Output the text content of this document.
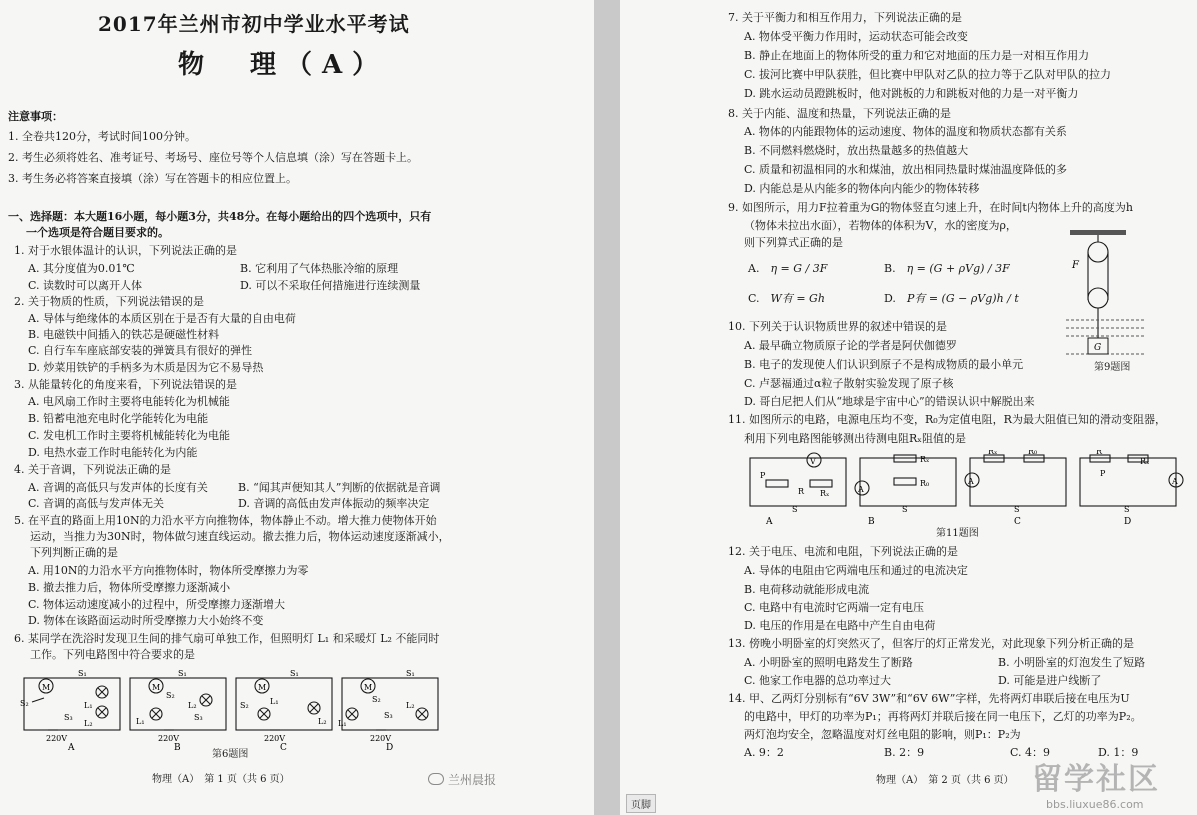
2017年兰州市初中学业水平考试
物　理（A）
注意事项：
1. 全卷共120分，考试时间100分钟。
2. 考生必须将姓名、准考证号、考场号、座位号等个人信息填（涂）写在答题卡上。
3. 考生务必将答案直接填（涂）写在答题卡的相应位置上。
一、选择题：本大题16小题，每小题3分，共48分。在每小题给出的四个选项中，只有
一个选项是符合题目要求的。
1. 对于水银体温计的认识，下列说法正确的是
A. 其分度值为0.01℃	B. 它利用了气体热胀冷缩的原理
C. 读数时可以离开人体	D. 可以不采取任何措施进行连续测量
2. 关于物质的性质，下列说法错误的是
A. 导体与绝缘体的本质区别在于是否有大量的自由电荷
B. 电磁铁中间插入的铁芯是硬磁性材料
C. 自行车车座底部安装的弹簧具有很好的弹性
D. 炒菜用铁铲的手柄多为木质是因为它不易导热
3. 从能量转化的角度来看，下列说法错误的是
A. 电风扇工作时主要将电能转化为机械能
B. 铅蓄电池充电时化学能转化为电能
C. 发电机工作时主要将机械能转化为电能
D. 电热水壶工作时电能转化为内能
4. 关于音调，下列说法正确的是
A. 音调的高低只与发声体的长度有关	B. “闻其声便知其人”判断的依据就是音调
C. 音调的高低与发声体无关	D. 音调的高低由发声体振动的频率决定
5. 在平直的路面上用10N的力沿水平方向推物体，物体静止不动。增大推力使物体开始
运动，当推力为30N时，物体做匀速直线运动。撤去推力后，物体运动速度逐渐减小，
下列判断正确的是
A. 用10N的力沿水平方向推物体时，物体所受摩擦力为零
B. 撤去推力后，物体所受摩擦力逐渐减小
C. 物体运动速度减小的过程中，所受摩擦力逐渐增大
D. 物体在该路面运动时所受摩擦力大小始终不变
6. 某同学在洗浴时发现卫生间的排气扇可单独工作，但照明灯 L₁ 和采暖灯 L₂ 不能同时
工作。下列电路图中符合要求的是
M
S₂
S₁
S₃
L₁
L₂
220V
A
M
S₁
S₂
S₃
L₂
L₁
220V
B
M
S₁
S₂	L₁
L₂
220V
C
M
S₁
S₂
S₃
L₁
L₂
220V
D
第6题图
物理（A）　第 1 页（共 6 页）	兰州晨报
7. 关于平衡力和相互作用力，下列说法正确的是
A. 物体受平衡力作用时，运动状态可能会改变
B. 静止在地面上的物体所受的重力和它对地面的压力是一对相互作用力
C. 拔河比赛中甲队获胜，但比赛中甲队对乙队的拉力等于乙队对甲队的拉力
D. 跳水运动员蹬跳板时，他对跳板的力和跳板对他的力是一对平衡力
8. 关于内能、温度和热量，下列说法正确的是
A. 物体的内能跟物体的运动速度、物体的温度和物质状态都有关系
B. 不同燃料燃烧时，放出热量越多的热值越大
C. 质量和初温相同的水和煤油，放出相同热量时煤油温度降低的多
D. 内能总是从内能多的物体向内能少的物体转移
9. 如图所示，用力F拉着重为G的物体竖直匀速上升，在时间t内物体上升的高度为h
（物体未拉出水面），若物体的体积为V，水的密度为ρ，
则下列算式正确的是
A.　 η = G / 3F	B.　 η = (G + ρVg) / 3F
C.　 W有 = Gh	D.　 P有 = (G − ρVg)h / t
F
G
第9题图
10. 下列关于认识物质世界的叙述中错误的是
A. 最早确立物质原子论的学者是阿伏伽德罗
B. 电子的发现使人们认识到原子不是构成物质的最小单元
C. 卢瑟福通过α粒子散射实验发现了原子核
D. 哥白尼把人们从“地球是宇宙中心”的错误认识中解脱出来
11. 如图所示的电路，电源电压均不变，R₀为定值电阻，R为最大阻值已知的滑动变阻器，
利用下列电路图能够测出待测电阻Rₓ阻值的是
V
P
R Rₓ
S
A
Rₓ
R₀
A
S
B
Rₓ	R₀
A
S
C
R
Rₓ
A
P
S
D
第11题图
12. 关于电压、电流和电阻，下列说法正确的是
A. 导体的电阻由它两端电压和通过的电流决定
B. 电荷移动就能形成电流
C. 电路中有电流时它两端一定有电压
D. 电压的作用是在电路中产生自由电荷
13. 傍晚小明卧室的灯突然灭了，但客厅的灯正常发光，对此现象下列分析正确的是
A. 小明卧室的照明电路发生了断路	B. 小明卧室的灯泡发生了短路
C. 他家工作电器的总功率过大	D. 可能是进户线断了
14. 甲、乙两灯分别标有“6V 3W”和“6V 6W”字样，先将两灯串联后接在电压为U
的电路中，甲灯的功率为P₁；再将两灯并联后接在同一电压下，乙灯的功率为P₂。
两灯泡均安全，忽略温度对灯丝电阻的影响，则P₁：P₂为
A. 9：2	B. 2：9	C. 4：9	D. 1：9
物理（A）　第 2 页（共 6 页） 留学社区
bbs.liuxue86.com
页脚
